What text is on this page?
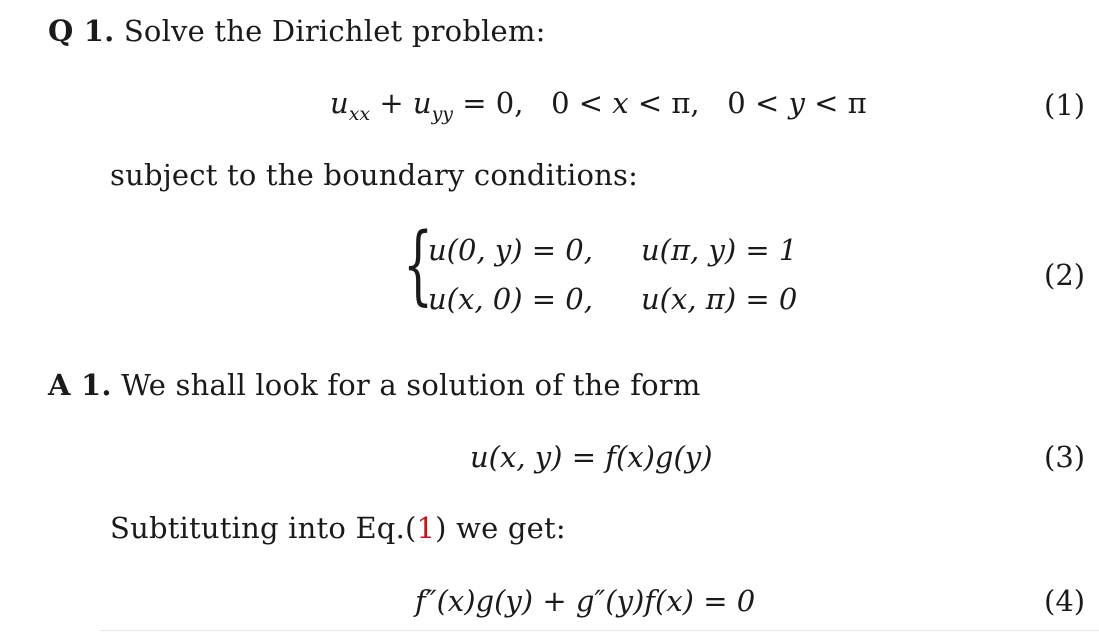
Q 1. Solve the Dirichlet problem:
$u_{xx} + u_{yy} = 0$,   0 < x < π,   0 < y < π	(1)
subject to the boundary conditions:
{
u(0, y) = 0, u(π, y) = 1
u(x, 0) = 0, u(x, π) = 0
(2)
A 1. We shall look for a solution of the form
u(x, y) = f(x)g(y)	(3)
Subtituting into Eq.(1) we get:
f″(x)g(y) + g″(y)f(x) = 0	(4)
